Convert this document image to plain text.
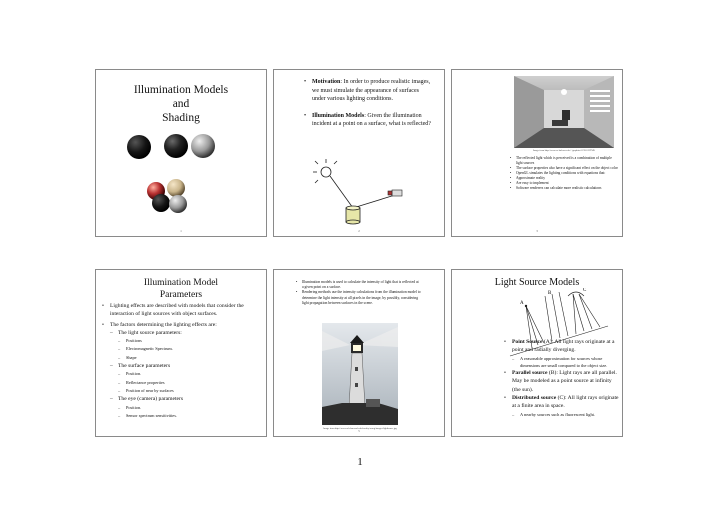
Illumination Models
and
Shading
1
• Motivation: In order to produce realistic images, we must simulate the appearance of surfaces under various lighting conditions.
• Illumination Models: Given the illumination incident at a point on a surface, what is reflected?
2
Image from http://www.cs.kuleuven.be/~graphics/CGRG.HTML
• The reflected light which is perceived is a combination of multiple light sources
• The surface properties also have a significant effect on the object color
• OpenGL simulates the lighting conditions with equations that:
• Approximate reality
• Are easy to implement
• Software renderers can calculate more realistic calculations
3
Illumination Model
Parameters
• Lighting effects are described with models that consider the interaction of light sources with object surfaces.
• The factors determining the lighting effects are:
– The light source parameters:
– Positions
– Electromagnetic Spectrum.
– Shape
– The surface parameters
– Position.
– Reflectance properties
– Position of near by surfaces
– The eye (camera) parameters
– Position.
– Sensor spectrum sensitivities.
• Illumination models is used to calculate the intensity of light that is reflected at a given point on a surface.
• Rendering methods use the intensity calculations from the illumination model to determine the light intensity at all pixels in the image, by possibly, considering light propagation between surfaces in the scene.
Image from http://www.oeb.harvard.edu/faculty/wong/images/lighthouse.jpg
5
Light Source Models
A
B
C
• Point Source (A): All light rays originate at a point and radially diverging.
– A reasonable approximation for sources whose dimensions are small compared to the object size.
• Parallel source (B): Light rays are all parallel. May be modeled as a point source at infinity (the sun).
• Distributed source (C): All light rays originate at a finite area in space.
– A nearby sources such as fluorescent light.
1
